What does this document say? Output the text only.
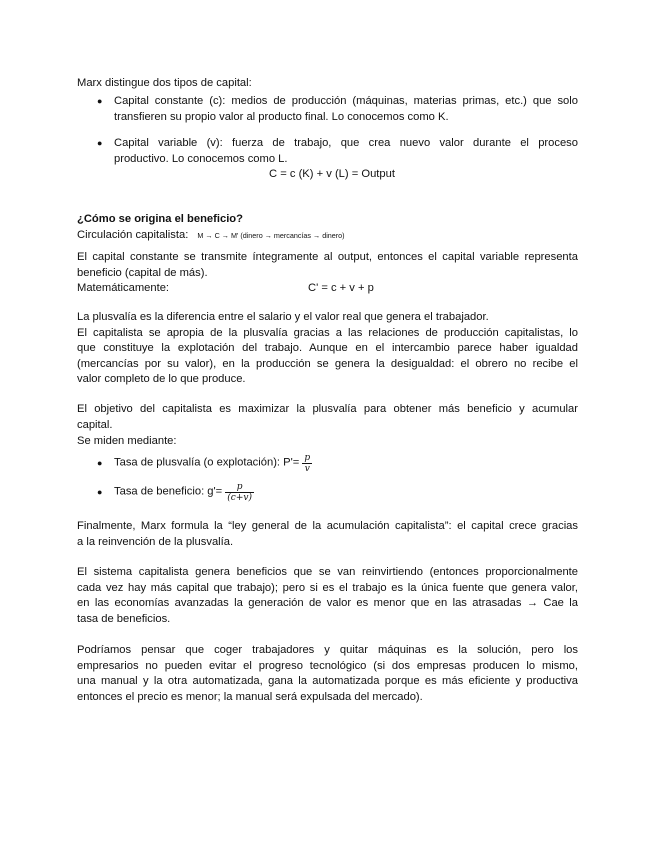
Marx distingue dos tipos de capital:
● Capital constante (c): medios de producción (máquinas, materias primas, etc.) que solo
transfieren su propio valor al producto final. Lo conocemos como K.
● Capital variable (v): fuerza de trabajo, que crea nuevo valor durante el proceso
productivo. Lo conocemos como L.
C = c (K) + v (L) = Output
¿Cómo se origina el beneficio?
Circulación capitalista: M → C → M' (dinero → mercancías → dinero)
El capital constante se transmite íntegramente al output, entonces el capital variable representa
beneficio (capital de más).
Matemáticamente:	C' = c + v + p
La plusvalía es la diferencia entre el salario y el valor real que genera el trabajador.
El capitalista se apropia de la plusvalía gracias a las relaciones de producción capitalistas, lo
que constituye la explotación del trabajo. Aunque en el intercambio parece haber igualdad
(mercancías por su valor), en la producción se genera la desigualdad: el obrero no recibe el
valor completo de lo que produce.
El objetivo del capitalista es maximizar la plusvalía para obtener más beneficio y acumular
capital.
Se miden mediante:
● Tasa de plusvalía (o explotación): $P'= \frac{p}{v}$
● Tasa de beneficio: $g'= \frac{p}{(c+v)}$
Finalmente, Marx formula la “ley general de la acumulación capitalista”: el capital crece gracias
a la reinvención de la plusvalía.
El sistema capitalista genera beneficios que se van reinvirtiendo (entonces proporcionalmente
cada vez hay más capital que trabajo); pero si es el trabajo es la única fuente que genera valor,
en las economías avanzadas la generación de valor es menor que en las atrasadas → Cae la
tasa de beneficios.
Podríamos pensar que coger trabajadores y quitar máquinas es la solución, pero los
empresarios no pueden evitar el progreso tecnológico (si dos empresas producen lo mismo,
una manual y la otra automatizada, gana la automatizada porque es más eficiente y productiva
entonces el precio es menor; la manual será expulsada del mercado).
